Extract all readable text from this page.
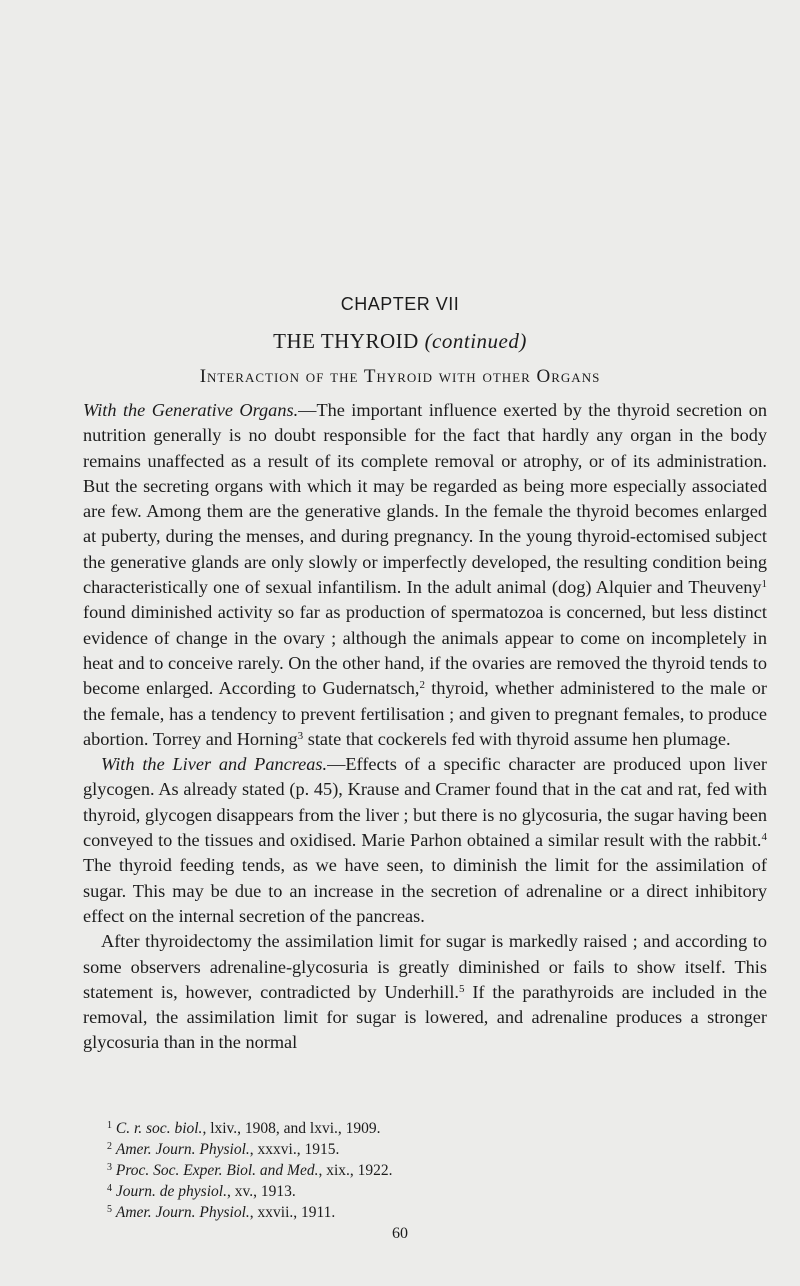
CHAPTER VII
THE THYROID (continued)
Interaction of the Thyroid with other Organs

With the Generative Organs.—The important influence exerted by the thyroid secretion on nutrition generally is no doubt responsible for the fact that hardly any organ in the body remains unaffected as a result of its complete removal or atrophy, or of its administration. But the secreting organs with which it may be regarded as being more especially associated are few. Among them are the generative glands. In the female the thyroid becomes enlarged at puberty, during the menses, and during pregnancy. In the young thyroid-ectomised subject the generative glands are only slowly or imperfectly developed, the resulting condition being characteristically one of sexual infantilism. In the adult animal (dog) Alquier and Theuveny$^1$ found diminished activity so far as production of spermatozoa is concerned, but less distinct evidence of change in the ovary ; although the animals appear to come on incompletely in heat and to conceive rarely. On the other hand, if the ovaries are removed the thyroid tends to become enlarged. According to Gudernatsch,$^2$ thyroid, whether administered to the male or the female, has a tendency to prevent fertilisation ; and given to pregnant females, to produce abortion. Torrey and Horning$^3$ state that cockerels fed with thyroid assume hen plumage.

With the Liver and Pancreas.—Effects of a specific character are produced upon liver glycogen. As already stated (p. 45), Krause and Cramer found that in the cat and rat, fed with thyroid, glycogen disappears from the liver ; but there is no glycosuria, the sugar having been conveyed to the tissues and oxidised. Marie Parhon obtained a similar result with the rabbit.$^4$ The thyroid feeding tends, as we have seen, to diminish the limit for the assimilation of sugar. This may be due to an increase in the secretion of adrenaline or a direct inhibitory effect on the internal secretion of the pancreas.

After thyroidectomy the assimilation limit for sugar is markedly raised ; and according to some observers adrenaline-glycosuria is greatly diminished or fails to show itself. This statement is, however, contradicted by Underhill.$^5$ If the parathyroids are included in the removal, the assimilation limit for sugar is lowered, and adrenaline produces a stronger glycosuria than in the normal

$^1$ C. r. soc. biol., lxiv., 1908, and lxvi., 1909.

$^2$ Amer. Journ. Physiol., xxxvi., 1915.

$^3$ Proc. Soc. Exper. Biol. and Med., xix., 1922.

$^4$ Journ. de physiol., xv., 1913.

$^5$ Amer. Journ. Physiol., xxvii., 1911.

60
